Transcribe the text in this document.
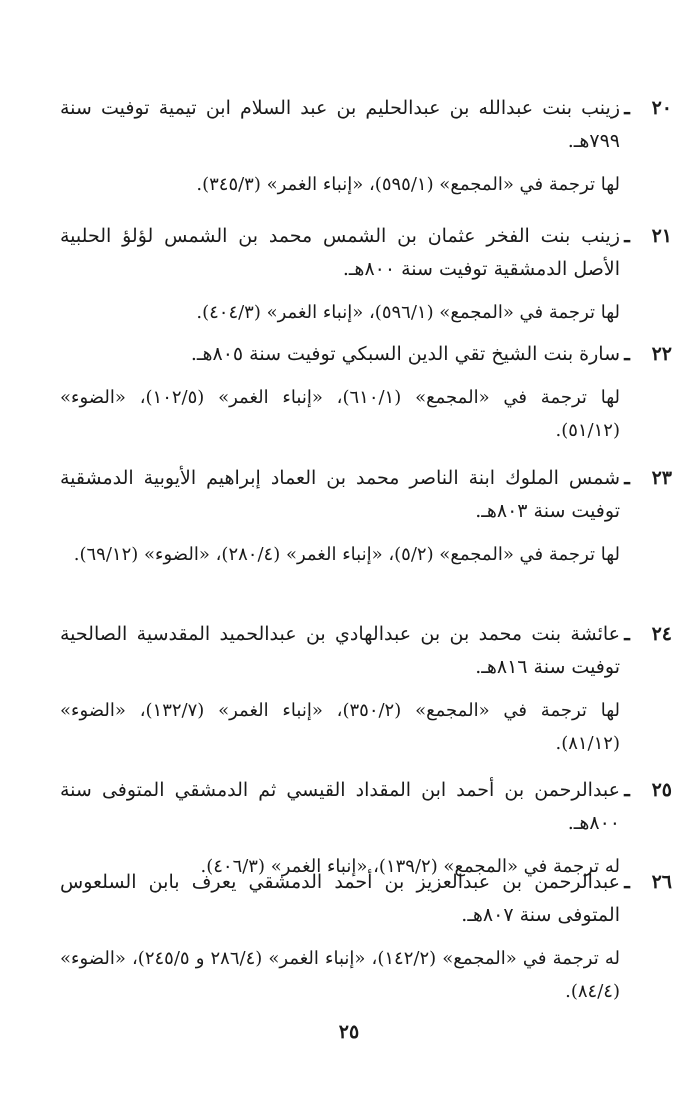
٢٠
ـ
زينب بنت عبدالله بن عبدالحليم بن عبد السلام ابن تيمية توفيت سنة ٧٩٩هـ.
لها ترجمة في «المجمع» (٥٩٥/١)، «إنباء الغمر» (٣٤٥/٣).
٢١
ـ
زينب بنت الفخر عثمان بن الشمس محمد بن الشمس لؤلؤ الحلبية الأصل الدمشقية توفيت سنة ٨٠٠هـ.
لها ترجمة في «المجمع» (٥٩٦/١)، «إنباء الغمر» (٤٠٤/٣).
٢٢
ـ
سارة بنت الشيخ تقي الدين السبكي توفيت سنة ٨٠٥هـ.
لها ترجمة في «المجمع» (٦١٠/١)، «إنباء الغمر» (١٠٢/٥)، «الضوء» (٥١/١٢).
٢٣
ـ
شمس الملوك ابنة الناصر محمد بن العماد إبراهيم الأيوبية الدمشقية توفيت سنة ٨٠٣هـ.
لها ترجمة في «المجمع» (٥/٢)، «إنباء الغمر» (٢٨٠/٤)، «الضوء» (٦٩/١٢).
٢٤
ـ
عائشة بنت محمد بن بن عبدالهادي بن عبدالحميد المقدسية الصالحية توفيت سنة ٨١٦هـ.
لها ترجمة في «المجمع» (٣٥٠/٢)، «إنباء الغمر» (١٣٢/٧)، «الضوء» (٨١/١٢).
٢٥
ـ
عبدالرحمن بن أحمد ابن المقداد القيسي ثم الدمشقي المتوفى سنة ٨٠٠هـ.
له ترجمة في «المجمع» (١٣٩/٢)، «إنباء الغمر» (٤٠٦/٣).
٢٦
ـ
عبدالرحمن بن عبدالعزيز بن أحمد الدمشقي يعرف بابن السلعوس المتوفى سنة ٨٠٧هـ.
له ترجمة في «المجمع» (١٤٢/٢)، «إنباء الغمر» (٢٨٦/٤ و ٢٤٥/٥)، «الضوء» (٨٤/٤).
٢٥
